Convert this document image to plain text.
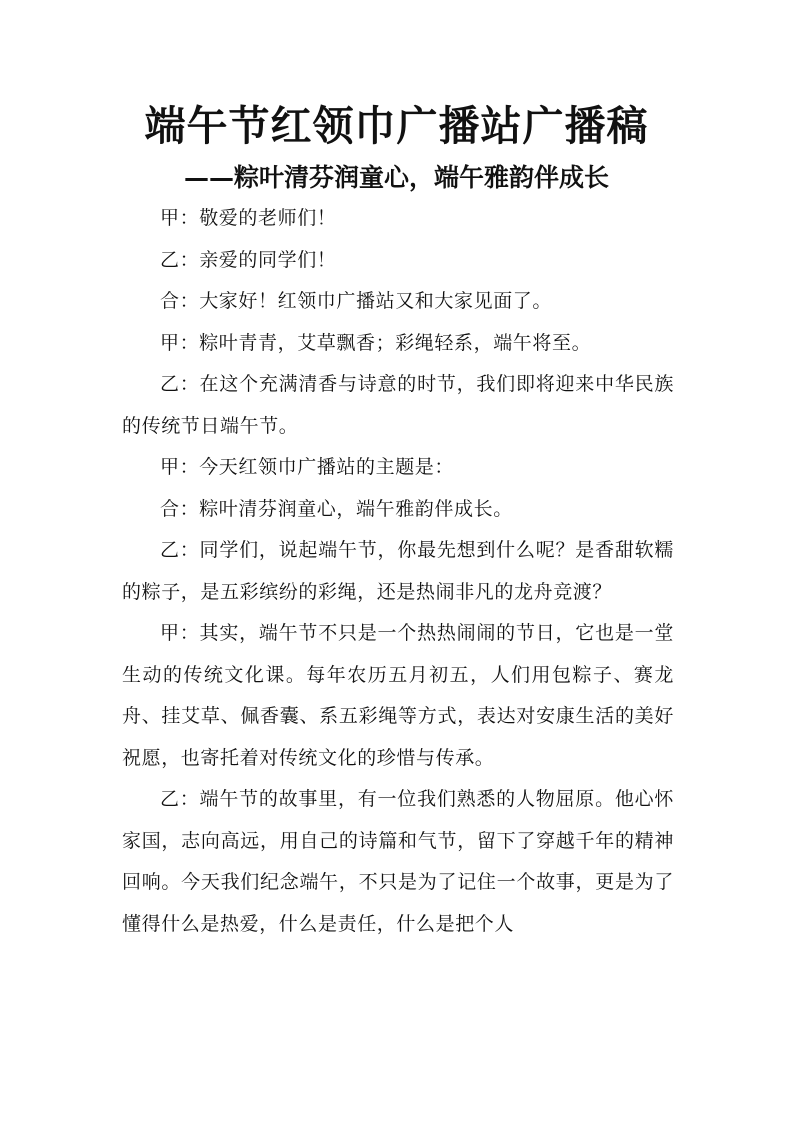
端午节红领巾广播站广播稿
——粽叶清芬润童心，端午雅韵伴成长

甲：敬爱的老师们！

乙：亲爱的同学们！

合：大家好！红领巾广播站又和大家见面了。

甲：粽叶青青，艾草飘香；彩绳轻系，端午将至。

乙：在这个充满清香与诗意的时节，我们即将迎来中华民族的传统节日端午节。

甲：今天红领巾广播站的主题是：

合：粽叶清芬润童心，端午雅韵伴成长。

乙：同学们，说起端午节，你最先想到什么呢？是香甜软糯的粽子，是五彩缤纷的彩绳，还是热闹非凡的龙舟竞渡？

甲：其实，端午节不只是一个热热闹闹的节日，它也是一堂生动的传统文化课。每年农历五月初五，人们用包粽子、赛龙舟、挂艾草、佩香囊、系五彩绳等方式，表达对安康生活的美好祝愿，也寄托着对传统文化的珍惜与传承。

乙：端午节的故事里，有一位我们熟悉的人物屈原。他心怀家国，志向高远，用自己的诗篇和气节，留下了穿越千年的精神回响。今天我们纪念端午，不只是为了记住一个故事，更是为了懂得什么是热爱，什么是责任，什么是把个人
